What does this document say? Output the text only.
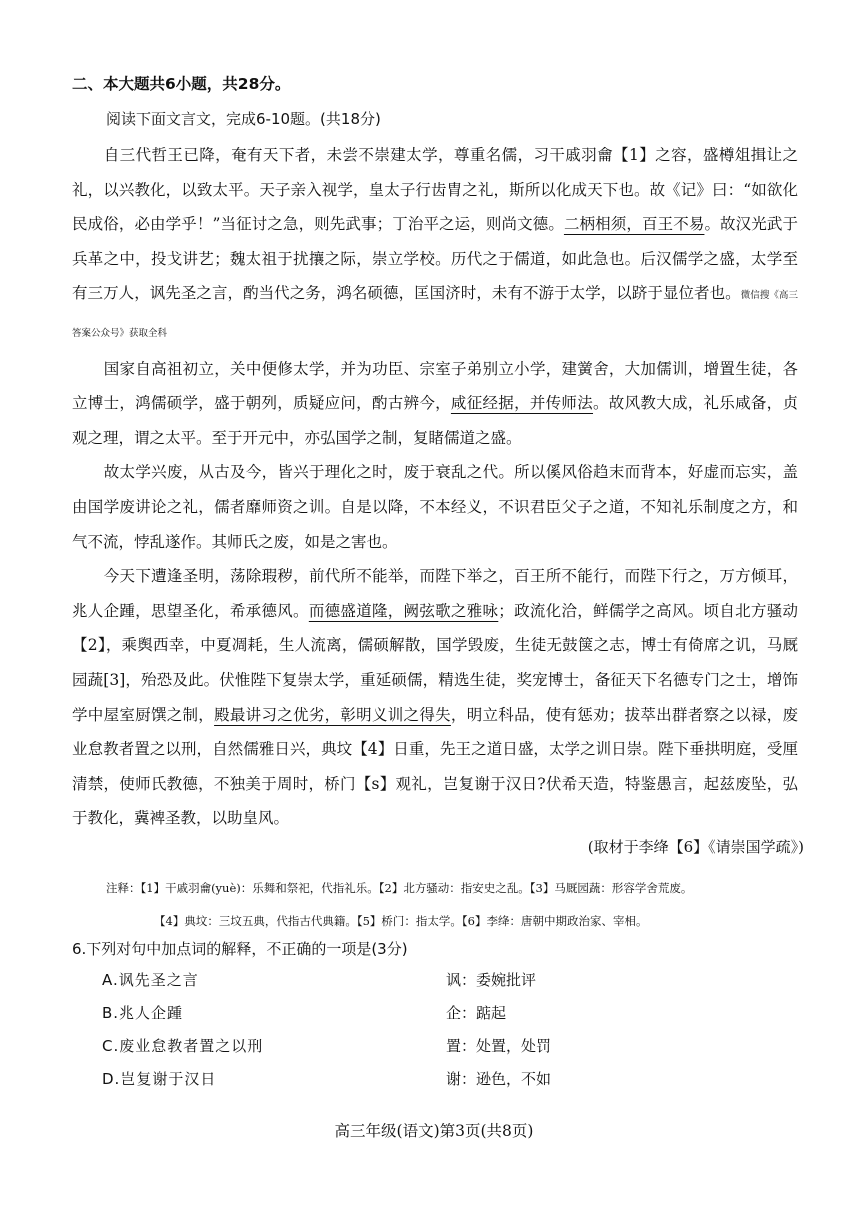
二、本大题共6小题，共28分。
阅读下面文言文，完成6-10题。(共18分)

自三代哲王已降，奄有天下者，未尝不崇建太学，尊重名儒，习干戚羽龠【1】之容，盛樽俎揖让之礼，以兴教化，以致太平。天子亲入视学，皇太子行齿胄之礼，斯所以化成天下也。故《记》曰：“如欲化民成俗，必由学乎！”当征讨之急，则先武事；丁治平之运，则尚文德。二柄相须，百王不易。故汉光武于兵革之中，投戈讲艺；魏太祖于扰攘之际，崇立学校。历代之于儒道，如此急也。后汉儒学之盛，太学至有三万人，讽先圣之言，酌当代之务，鸿名硕德，匡国济时，未有不游于太学，以跻于显位者也。微信搜《高三答案公众号》获取全科

国家自高祖初立，关中便修太学，并为功臣、宗室子弟别立小学，建黉舍，大加儒训，增置生徒，各立博士，鸿儒硕学，盛于朝列，质疑应问，酌古辨今，咸征经据，并传师法。故风教大成，礼乐咸备，贞观之理，谓之太平。至于开元中，亦弘国学之制，复睹儒道之盛。

故太学兴废，从古及今，皆兴于理化之时，废于衰乱之代。所以傒风俗趋末而背本，好虚而忘实，盖由国学废讲论之礼，儒者靡师资之训。自是以降，不本经义，不识君臣父子之道，不知礼乐制度之方，和气不流，悖乱遂作。其师氏之废，如是之害也。

今天下遭逢圣明，荡除瑕秽，前代所不能举，而陛下举之，百王所不能行，而陛下行之，万方倾耳，兆人企踵，思望圣化，希承德风。而德盛道隆，阙弦歌之雅咏；政流化洽，鲜儒学之高风。顷自北方骚动【2】，乘舆西幸，中夏凋耗，生人流离，儒硕解散，国学毁废，生徒无鼓箧之志，博士有倚席之讥，马厩园蔬[3]，殆恐及此。伏惟陛下复崇太学，重延硕儒，精选生徒，奖宠博士，备征天下名德专门之士，增饰学中屋室厨馔之制，殿最讲习之优劣，彰明义训之得失，明立科品，使有惩劝；拔萃出群者察之以禄，废业怠教者置之以刑，自然儒雅日兴，典坟【4】日重，先王之道日盛，太学之训日崇。陛下垂拱明庭，受厘清禁，使师氏教德，不独美于周时，桥门【s】观礼，岂复谢于汉日?伏希天造，特鉴愚言，起兹废坠，弘于教化，冀裨圣教，以助皇风。

(取材于李绛【6】《请崇国学疏》)
注释：【1】干戚羽龠(yuè)：乐舞和祭祀，代指礼乐。【2】北方骚动：指安史之乱。【3】马厩园蔬：形容学舍荒废。
【4】典坟：三坟五典，代指古代典籍。【5】桥门：指太学。【6】李绛：唐朝中期政治家、宰相。
6.下列对句中加点词的解释，不正确的一项是(3分)
A.讽先圣之言	讽：委婉批评
B.兆人企踵	企：踮起
C.废业怠教者置之以刑	置：处置，处罚
D.岂复谢于汉日	谢：逊色，不如
高三年级(语文)第3页(共8页)
